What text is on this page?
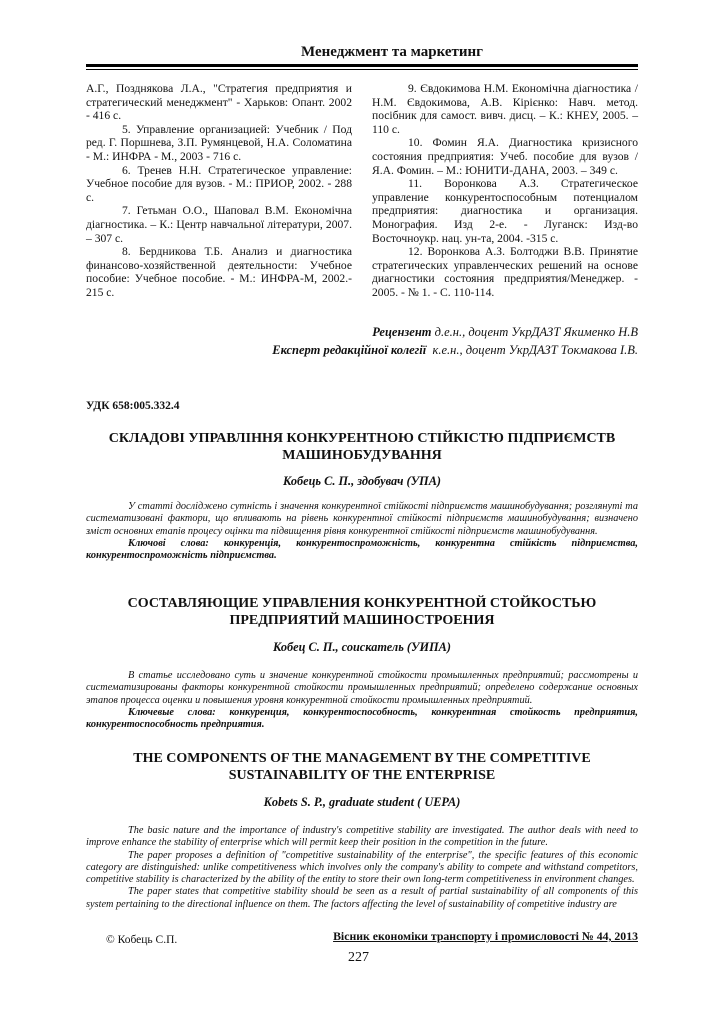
Менеджмент та маркетинг

А.Г., Позднякова Л.А., "Стратегия предприятия и стратегический менеджмент" - Харьков: Опант. 2002 - 416 с.

5. Управление организацией: Учебник / Под ред. Г. Поршнева, З.П. Румянцевой, Н.А. Соломатина - М.: ИНФРА - М., 2003 - 716 с.

6. Тренев Н.Н. Стратегическое управление: Учебное пособие для вузов. - М.: ПРИОР, 2002. - 288 с.

7. Гетьман О.О., Шаповал В.М. Економічна діагностика. – К.: Центр навчальної літератури, 2007. – 307 с.

8. Бердникова Т.Б. Анализ и диагностика финансово-хозяйственной деятельности: Учебное пособие: Учебное пособие. - М.: ИНФРА-М, 2002.- 215 с.

9. Євдокимова Н.М. Економічна діагностика / Н.М. Євдокимова, А.В. Кірієнко: Навч. метод. посібник для самост. вивч. дисц. – К.: КНЕУ, 2005. – 110 с.

10. Фомин Я.А. Диагностика кризисного состояния предприятия: Учеб. пособие для вузов / Я.А. Фомин. – М.: ЮНИТИ-ДАНА, 2003. – 349 с.

11. Воронкова А.З. Стратегическое управление конкурентоспособным потенциалом предприятия: диагностика и организация. Монография. Изд 2-е. - Луганск: Изд-во Восточноукр. нац. ун-та, 2004. -315 с.

12. Воронкова А.З. Болтоджи В.В. Принятие стратегических управленческих решений на основе диагностики состояния предприятия/Менеджер. - 2005. - № 1. - С. 110-114.

Рецензент д.е.н., доцент УкрДАЗТ Якименко Н.В
Експерт редакційної колегії  к.е.н., доцент УкрДАЗТ Токмакова І.В.
УДК 658:005.332.4
СКЛАДОВІ УПРАВЛІННЯ КОНКУРЕНТНОЮ СТІЙКІСТЮ ПІДПРИЄМСТВ
МАШИНОБУДУВАННЯ
Кобець С. П., здобувач (УПА)

У статті досліджено сутність і значення конкурентної стійкості підприємств машинобудування; розглянуті та систематизовані фактори, що впливають на рівень конкурентної стійкості підприємств машинобудування; визначено зміст основних етапів процесу оцінки та підвищення рівня конкурентної стійкості підприємств машинобудування.

Ключові слова: конкуренція, конкурентоспроможність, конкурентна стійкість підприємства, конкурентоспроможність підприємства.

СОСТАВЛЯЮЩИЕ УПРАВЛЕНИЯ КОНКУРЕНТНОЙ СТОЙКОСТЬЮ
ПРЕДПРИЯТИЙ МАШИНОСТРОЕНИЯ
Кобец С. П., соискатель (УИПА)

В статье исследовано суть и значение конкурентной стойкости промышленных предприятий; рассмотрены и систематизированы факторы конкурентной стойкости промышленных предприятий; определено содержание основных этапов процесса оценки и повышения уровня конкурентной стойкости промышленных предприятий.

Ключевые слова: конкуренция, конкурентоспособность, конкурентная стойкость предприятия, конкурентоспособность предприятия.

THE COMPONENTS OF THE MANAGEMENT BY THE COMPETITIVE
SUSTAINABILITY OF THE ENTERPRISE
Kobets S. P., graduate student ( UEPA)

The basic nature and the importance of industry's competitive stability are investigated. The author deals with need to improve enhance the stability of enterprise which will permit keep their position in the competition in the future.

The paper proposes a definition of "competitive sustainability of the enterprise", the specific features of this economic category are distinguished: unlike competitiveness which involves only the company's ability to compete and withstand competitors, competitive stability is characterized by the ability of the entity to store their own long-term competitiveness in environment changes.

The paper states that competitive stability should be seen as a result of partial sustainability of all components of this system pertaining to the directional influence on them. The factors affecting the level of sustainability of competitive industry are

© Кобець С.П.	Вісник економіки транспорту і промисловості № 44, 2013
227
